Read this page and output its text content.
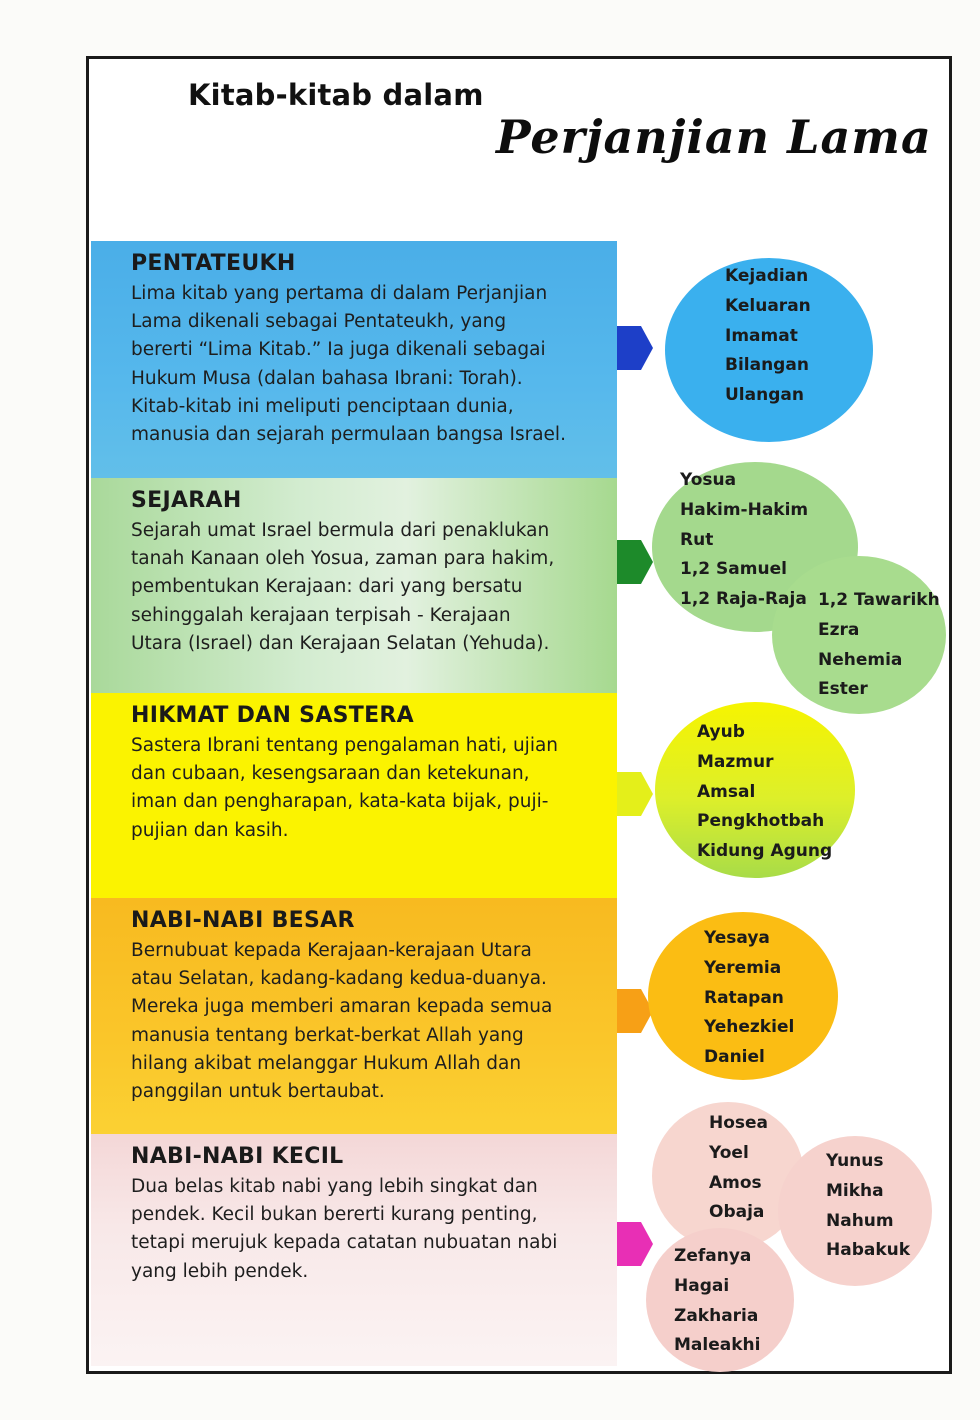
Kitab-kitab dalam
Perjanjian Lama
PENTATEUKH

Lima kitab yang pertama di dalam Perjanjian
Lama dikenali sebagai Pentateukh, yang
bererti “Lima Kitab.” Ia juga dikenali sebagai
Hukum Musa (dalan bahasa Ibrani: Torah).
Kitab-kitab ini meliputi penciptaan dunia,
manusia dan sejarah permulaan bangsa Israel.

Kejadian
Keluaran
Imamat
Bilangan
Ulangan
SEJARAH

Sejarah umat Israel bermula dari penaklukan
tanah Kanaan oleh Yosua, zaman para hakim,
pembentukan Kerajaan: dari yang bersatu
sehinggalah kerajaan terpisah - Kerajaan
Utara (Israel) dan Kerajaan Selatan (Yehuda).

Yosua
Hakim-Hakim
Rut
1,2 Samuel
1,2 Raja-Raja 1,2 Tawarikh
Ezra
Nehemia
Ester
HIKMAT DAN SASTERA

Sastera Ibrani tentang pengalaman hati, ujian
dan cubaan, kesengsaraan dan ketekunan,
iman dan pengharapan, kata-kata bijak, puji-
pujian dan kasih.

Ayub
Mazmur
Amsal
Pengkhotbah
Kidung Agung
NABI-NABI BESAR

Bernubuat kepada Kerajaan-kerajaan Utara
atau Selatan, kadang-kadang kedua-duanya.
Mereka juga memberi amaran kepada semua
manusia tentang berkat-berkat Allah yang
hilang akibat melanggar Hukum Allah dan
panggilan untuk bertaubat.

Yesaya
Yeremia
Ratapan
Yehezkiel
Daniel
NABI-NABI KECIL

Dua belas kitab nabi yang lebih singkat dan
pendek. Kecil bukan bererti kurang penting,
tetapi merujuk kepada catatan nubuatan nabi
yang lebih pendek.

Hosea
Yoel
Amos
Obaja
Yunus
Mikha
Nahum
Habakuk
Zefanya
Hagai
Zakharia
Maleakhi
